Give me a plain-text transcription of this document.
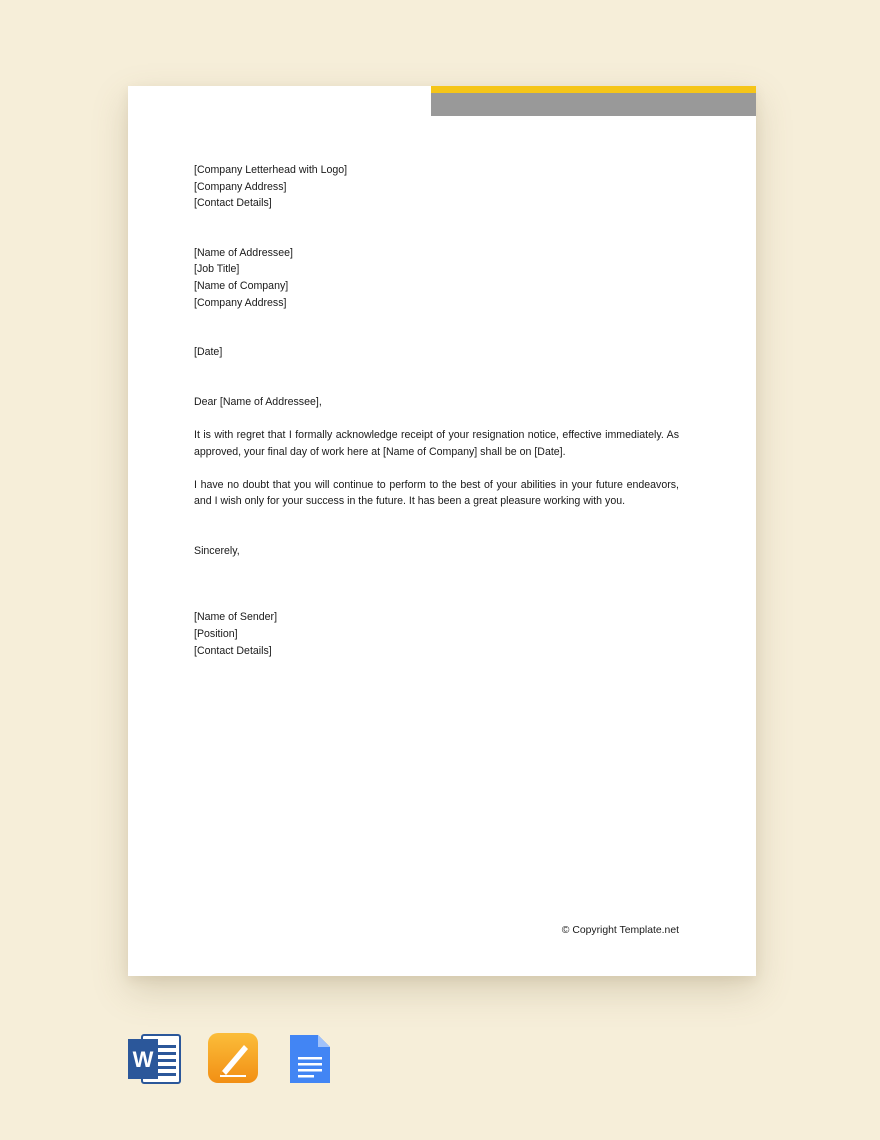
[Company Letterhead with Logo]
[Company Address]
[Contact Details]
[Name of Addressee]
[Job Title]
[Name of Company]
[Company Address]
[Date]
Dear [Name of Addressee],

It is with regret that I formally acknowledge receipt of your resignation notice, effective immediately. As approved, your final day of work here at [Name of Company] shall be on [Date].

I have no doubt that you will continue to perform to the best of your abilities in your future endeavors, and I wish only for your success in the future. It has been a great pleasure working with you.

Sincerely,
[Name of Sender]
[Position]
[Contact Details]
© Copyright Template.net
W
